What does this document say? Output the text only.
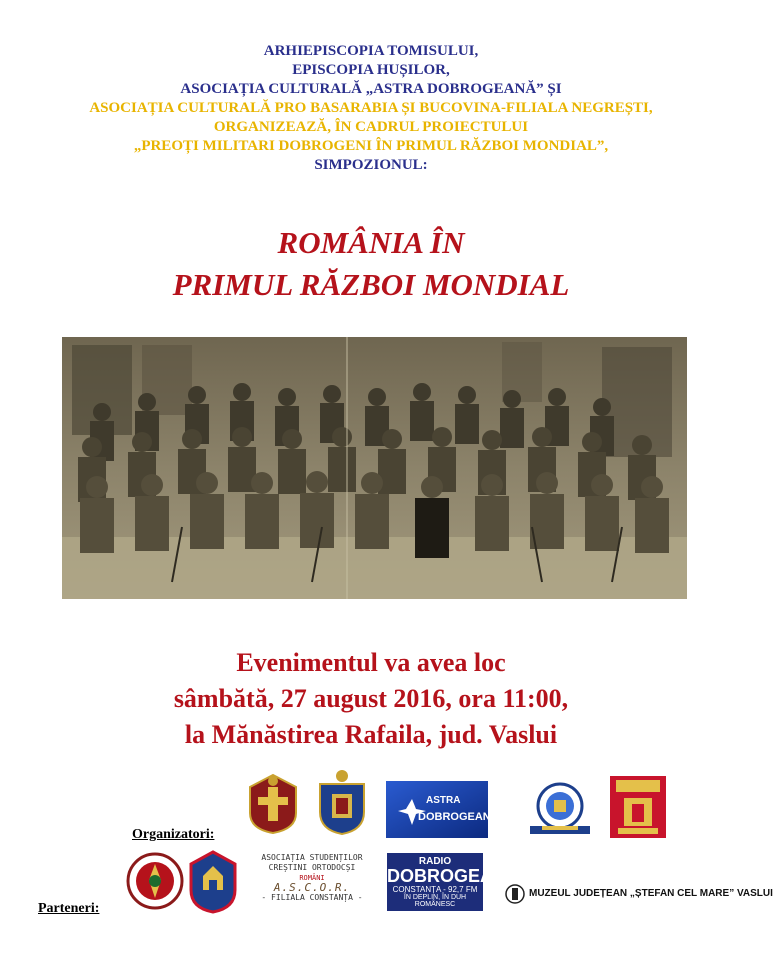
ARHIEPISCOPIA TOMISULUI,
EPISCOPIA HUȘILOR,
ASOCIAȚIA CULTURALĂ „ASTRA DOBROGEANĂ” ȘI
ASOCIAȚIA CULTURALĂ PRO BASARABIA ȘI BUCOVINA-FILIALA NEGREȘTI,
ORGANIZEAZĂ, ÎN CADRUL PROIECTULUI
„PREOȚI MILITARI DOBROGENI ÎN PRIMUL RĂZBOI MONDIAL”,
SIMPOZIONUL:
ROMÂNIA ÎN
PRIMUL RĂZBOI MONDIAL
Evenimentul va avea loc
sâmbătă, 27 august 2016, ora 11:00,
la Mănăstirea Rafaila, jud. Vaslui
ASTRA
DOBROGEANĂ
Organizatori:
ASOCIAȚIA STUDENȚILOR
CREȘTINI ORTODOCȘI
ROMÂNI
A.S.C.O.R.
- FILIALA CONSTANȚA -
RADIO
DOBROGEA
CONSTANȚA - 92,7 FM
ÎN DEPLIN, ÎN DUH ROMÂNESC
MUZEUL JUDEȚEAN „ȘTEFAN CEL MARE” VASLUI
Parteneri:
